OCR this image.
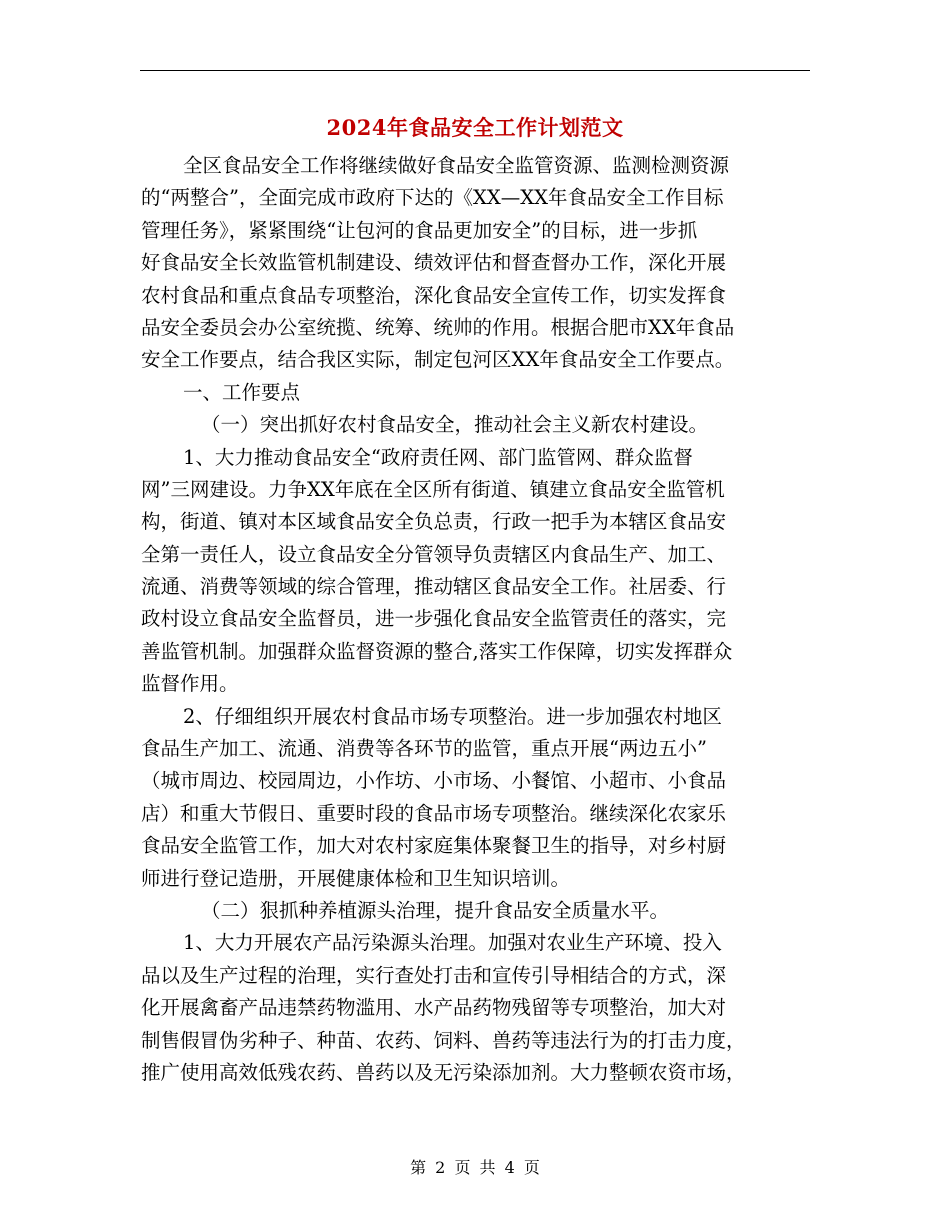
2024年食品安全工作计划范文
全区食品安全工作将继续做好食品安全监管资源、监测检测资源
的“两整合”，全面完成市政府下达的《XX—XX年食品安全工作目标
管理任务》，紧紧围绕“让包河的食品更加安全”的目标，进一步抓
好食品安全长效监管机制建设、绩效评估和督查督办工作，深化开展
农村食品和重点食品专项整治，深化食品安全宣传工作，切实发挥食
品安全委员会办公室统揽、统筹、统帅的作用。根据合肥市XX年食品
安全工作要点，结合我区实际，制定包河区XX年食品安全工作要点。
一、工作要点
（一）突出抓好农村食品安全，推动社会主义新农村建设。
1、大力推动食品安全“政府责任网、部门监管网、群众监督
网”三网建设。力争XX年底在全区所有街道、镇建立食品安全监管机
构，街道、镇对本区域食品安全负总责，行政一把手为本辖区食品安
全第一责任人，设立食品安全分管领导负责辖区内食品生产、加工、
流通、消费等领域的综合管理，推动辖区食品安全工作。社居委、行
政村设立食品安全监督员，进一步强化食品安全监管责任的落实，完
善监管机制。加强群众监督资源的整合,落实工作保障，切实发挥群众
监督作用。
2、仔细组织开展农村食品市场专项整治。进一步加强农村地区
食品生产加工、流通、消费等各环节的监管，重点开展“两边五小”
（城市周边、校园周边，小作坊、小市场、小餐馆、小超市、小食品
店）和重大节假日、重要时段的食品市场专项整治。继续深化农家乐
食品安全监管工作，加大对农村家庭集体聚餐卫生的指导，对乡村厨
师进行登记造册，开展健康体检和卫生知识培训。
（二）狠抓种养植源头治理，提升食品安全质量水平。
1、大力开展农产品污染源头治理。加强对农业生产环境、投入
品以及生产过程的治理，实行查处打击和宣传引导相结合的方式，深
化开展禽畜产品违禁药物滥用、水产品药物残留等专项整治，加大对
制售假冒伪劣种子、种苗、农药、饲料、兽药等违法行为的打击力度，
推广使用高效低残农药、兽药以及无污染添加剂。大力整顿农资市场，
第 2 页 共 4 页
